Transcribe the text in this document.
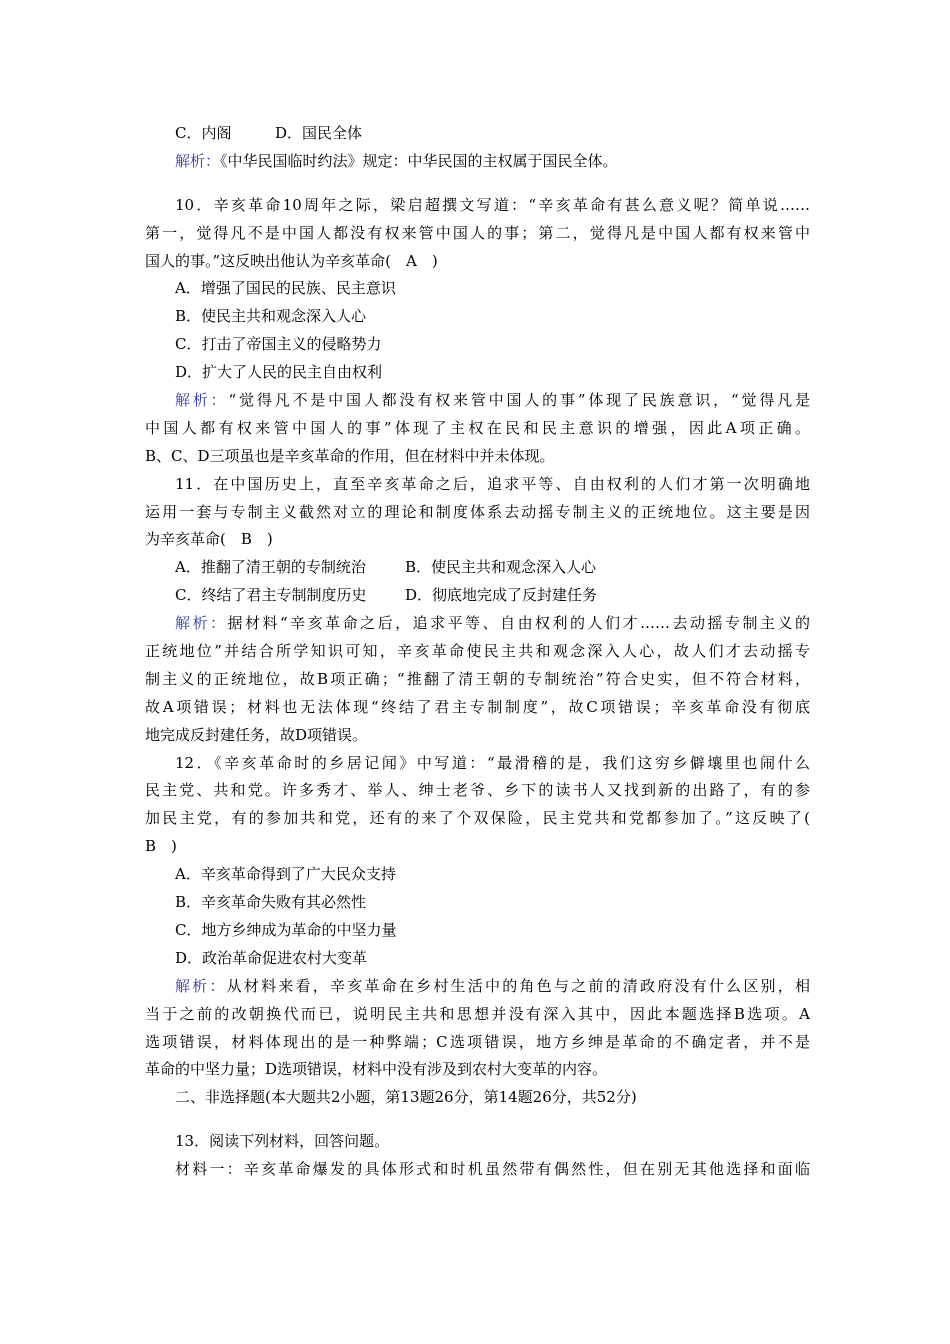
C．内阁	D．国民全体
解析：《中华民国临时约法》规定：中华民国的主权属于国民全体。
10．辛亥革命10周年之际，梁启超撰文写道：“辛亥革命有甚么意义呢？简单说……
第一，觉得凡不是中国人都没有权来管中国人的事；第二，觉得凡是中国人都有权来管中
国人的事。”这反映出他认为辛亥革命(　A　)
A．增强了国民的民族、民主意识
B．使民主共和观念深入人心
C．打击了帝国主义的侵略势力
D．扩大了人民的民主自由权利
解析：“觉得凡不是中国人都没有权来管中国人的事”体现了民族意识，“觉得凡是
中国人都有权来管中国人的事”体现了主权在民和民主意识的增强，因此A项正确。
B、C、D三项虽也是辛亥革命的作用，但在材料中并未体现。
11．在中国历史上，直至辛亥革命之后，追求平等、自由权利的人们才第一次明确地
运用一套与专制主义截然对立的理论和制度体系去动摇专制主义的正统地位。这主要是因
为辛亥革命(　B　)
A．推翻了清王朝的专制统治	B．使民主共和观念深入人心
C．终结了君主专制制度历史	D．彻底地完成了反封建任务
解析：据材料“辛亥革命之后，追求平等、自由权利的人们才……去动摇专制主义的
正统地位”并结合所学知识可知，辛亥革命使民主共和观念深入人心，故人们才去动摇专
制主义的正统地位，故B项正确；“推翻了清王朝的专制统治”符合史实，但不符合材料，
故A项错误；材料也无法体现“终结了君主专制制度”，故C项错误；辛亥革命没有彻底
地完成反封建任务，故D项错误。
12．《辛亥革命时的乡居记闻》中写道：“最滑稽的是，我们这穷乡僻壤里也闹什么
民主党、共和党。许多秀才、举人、绅士老爷、乡下的读书人又找到新的出路了，有的参
加民主党，有的参加共和党，还有的来了个双保险，民主党共和党都参加了。”这反映了(
B　)
A．辛亥革命得到了广大民众支持
B．辛亥革命失败有其必然性
C．地方乡绅成为革命的中坚力量
D．政治革命促进农村大变革
解析：从材料来看，辛亥革命在乡村生活中的角色与之前的清政府没有什么区别，相
当于之前的改朝换代而已，说明民主共和思想并没有深入其中，因此本题选择B选项。A
选项错误，材料体现出的是一种弊端；C选项错误，地方乡绅是革命的不确定者，并不是
革命的中坚力量；D选项错误，材料中没有涉及到农村大变革的内容。
二、非选择题(本大题共2小题，第13题26分，第14题26分，共52分)
13．阅读下列材料，回答问题。
材料一：辛亥革命爆发的具体形式和时机虽然带有偶然性，但在别无其他选择和面临
